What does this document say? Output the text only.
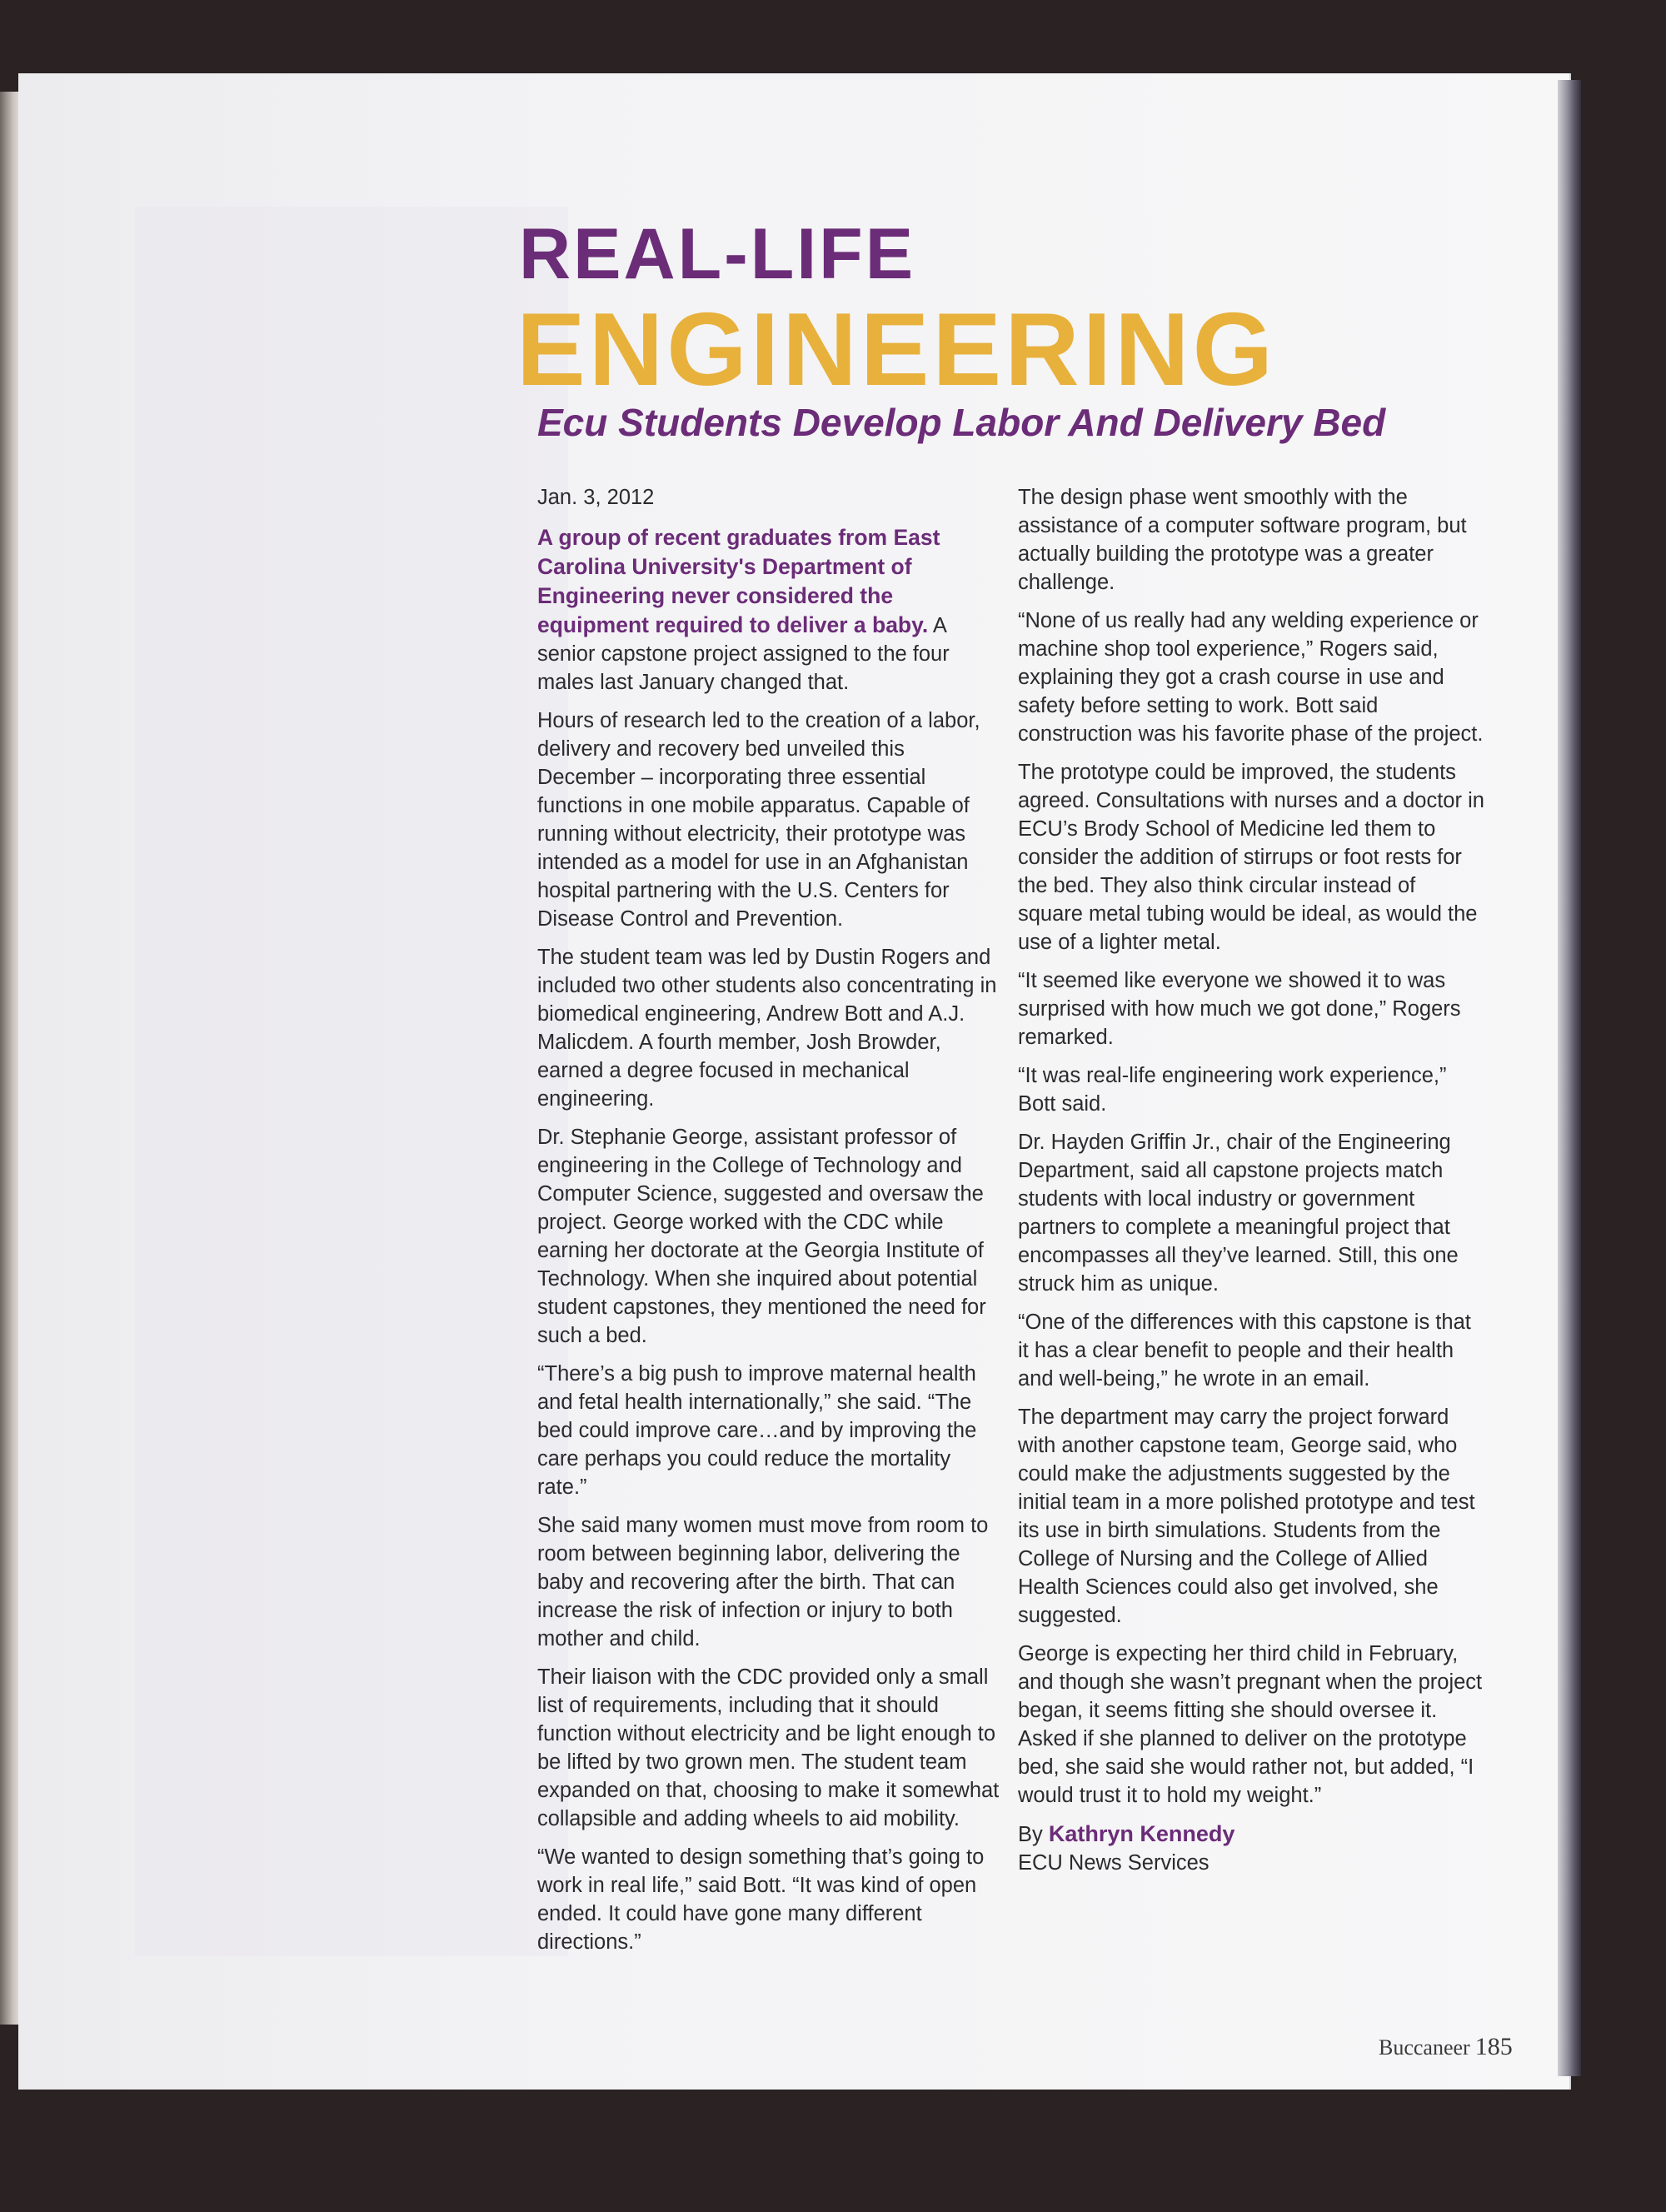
REAL-LIFE
ENGINEERING
Ecu Students Develop Labor And Delivery Bed

Jan. 3, 2012

A group of recent graduates from East Carolina University's Department of Engineering never considered the equipment required to deliver a baby. A senior capstone project assigned to the four males last January changed that.

Hours of research led to the creation of a labor, delivery and recovery bed unveiled this December – incorporating three essential functions in one mobile apparatus. Capable of running without electricity, their prototype was intended as a model for use in an Afghanistan hospital partnering with the U.S. Centers for Disease Control and Prevention.

The student team was led by Dustin Rogers and included two other students also concentrating in biomedical engineering, Andrew Bott and A.J. Malicdem. A fourth member, Josh Browder, earned a degree focused in mechanical engineering.

Dr. Stephanie George, assistant professor of engineering in the College of Technology and Computer Science, suggested and oversaw the project. George worked with the CDC while earning her doctorate at the Georgia Institute of Technology. When she inquired about potential student capstones, they mentioned the need for such a bed.

“There’s a big push to improve maternal health and fetal health internationally,” she said. “The bed could improve care…and by improving the care perhaps you could reduce the mortality rate.”

She said many women must move from room to room between beginning labor, delivering the baby and recovering after the birth. That can increase the risk of infection or injury to both mother and child.

Their liaison with the CDC provided only a small list of requirements, including that it should function without electricity and be light enough to be lifted by two grown men. The student team expanded on that, choosing to make it somewhat collapsible and adding wheels to aid mobility.

“We wanted to design something that’s going to work in real life,” said Bott. “It was kind of open ended. It could have gone many different directions.”

The design phase went smoothly with the assistance of a computer software program, but actually building the prototype was a greater challenge.

“None of us really had any welding experience or machine shop tool experience,” Rogers said, explaining they got a crash course in use and safety before setting to work. Bott said construction was his favorite phase of the project.

The prototype could be improved, the students agreed. Consultations with nurses and a doctor in ECU’s Brody School of Medicine led them to consider the addition of stirrups or foot rests for the bed. They also think circular instead of square metal tubing would be ideal, as would the use of a lighter metal.

“It seemed like everyone we showed it to was surprised with how much we got done,” Rogers remarked.

“It was real-life engineering work experience,” Bott said.

Dr. Hayden Griffin Jr., chair of the Engineering Department, said all capstone projects match students with local industry or government partners to complete a meaningful project that encompasses all they’ve learned. Still, this one struck him as unique.

“One of the differences with this capstone is that it has a clear benefit to people and their health and well-being,” he wrote in an email.

The department may carry the project forward with another capstone team, George said, who could make the adjustments suggested by the initial team in a more polished prototype and test its use in birth simulations. Students from the College of Nursing and the College of Allied Health Sciences could also get involved, she suggested.

George is expecting her third child in February, and though she wasn’t pregnant when the project began, it seems fitting she should oversee it. Asked if she planned to deliver on the prototype bed, she said she would rather not, but added, “I would trust it to hold my weight.”

By Kathryn Kennedy

ECU News Services

Buccaneer 185
